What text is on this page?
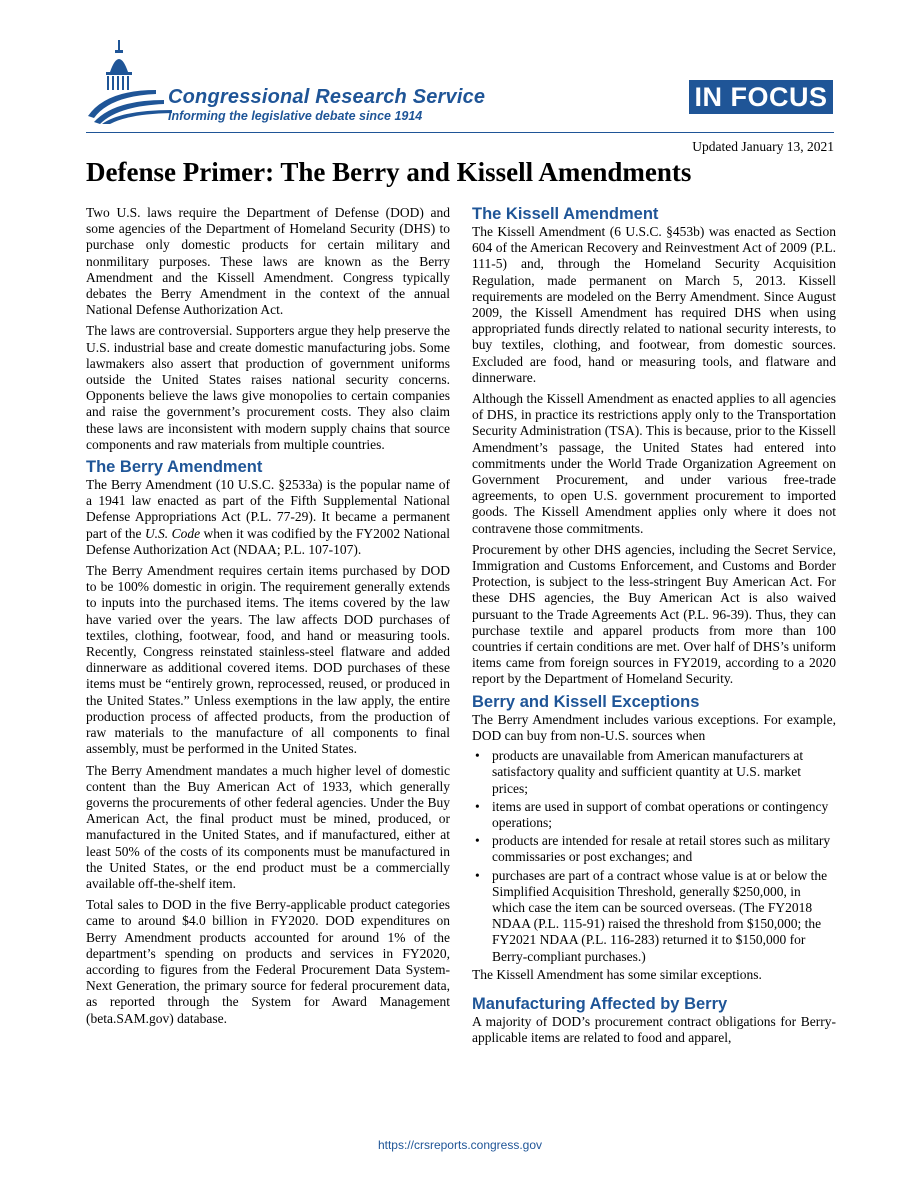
Congressional Research Service
Informing the legislative debate since 1914
IN FOCUS
Updated January 13, 2021
Defense Primer: The Berry and Kissell Amendments

Two U.S. laws require the Department of Defense (DOD) and some agencies of the Department of Homeland Security (DHS) to purchase only domestic products for certain military and nonmilitary purposes. These laws are known as the Berry Amendment and the Kissell Amendment. Congress typically debates the Berry Amendment in the context of the annual National Defense Authorization Act.

The laws are controversial. Supporters argue they help preserve the U.S. industrial base and create domestic manufacturing jobs. Some lawmakers also assert that production of government uniforms outside the United States raises national security concerns. Opponents believe the laws give monopolies to certain companies and raise the government’s procurement costs. They also claim these laws are inconsistent with modern supply chains that source components and raw materials from multiple countries.

The Berry Amendment

The Berry Amendment (10 U.S.C. §2533a) is the popular name of a 1941 law enacted as part of the Fifth Supplemental National Defense Appropriations Act (P.L. 77-29). It became a permanent part of the U.S. Code when it was codified by the FY2002 National Defense Authorization Act (NDAA; P.L. 107-107).

The Berry Amendment requires certain items purchased by DOD to be 100% domestic in origin. The requirement generally extends to inputs into the purchased items. The items covered by the law have varied over the years. The law affects DOD purchases of textiles, clothing, footwear, food, and hand or measuring tools. Recently, Congress reinstated stainless-steel flatware and added dinnerware as additional covered items. DOD purchases of these items must be “entirely grown, reprocessed, reused, or produced in the United States.” Unless exemptions in the law apply, the entire production process of affected products, from the production of raw materials to the manufacture of all components to final assembly, must be performed in the United States.

The Berry Amendment mandates a much higher level of domestic content than the Buy American Act of 1933, which generally governs the procurements of other federal agencies. Under the Buy American Act, the final product must be mined, produced, or manufactured in the United States, and if manufactured, either at least 50% of the costs of its components must be manufactured in the United States, or the end product must be a commercially available off-the-shelf item.

Total sales to DOD in the five Berry-applicable product categories came to around $4.0 billion in FY2020. DOD expenditures on Berry Amendment products accounted for around 1% of the department’s spending on products and services in FY2020, according to figures from the Federal Procurement Data System-Next Generation, the primary source for federal procurement data, as reported through the System for Award Management (beta.SAM.gov) database.

The Kissell Amendment

The Kissell Amendment (6 U.S.C. §453b) was enacted as Section 604 of the American Recovery and Reinvestment Act of 2009 (P.L. 111-5) and, through the Homeland Security Acquisition Regulation, made permanent on March 5, 2013. Kissell requirements are modeled on the Berry Amendment. Since August 2009, the Kissell Amendment has required DHS when using appropriated funds directly related to national security interests, to buy textiles, clothing, and footwear, from domestic sources. Excluded are food, hand or measuring tools, and flatware and dinnerware.

Although the Kissell Amendment as enacted applies to all agencies of DHS, in practice its restrictions apply only to the Transportation Security Administration (TSA). This is because, prior to the Kissell Amendment’s passage, the United States had entered into commitments under the World Trade Organization Agreement on Government Procurement, and under various free-trade agreements, to open U.S. government procurement to imported goods. The Kissell Amendment applies only where it does not contravene those commitments.

Procurement by other DHS agencies, including the Secret Service, Immigration and Customs Enforcement, and Customs and Border Protection, is subject to the less-stringent Buy American Act. For these DHS agencies, the Buy American Act is also waived pursuant to the Trade Agreements Act (P.L. 96-39). Thus, they can purchase textile and apparel products from more than 100 countries if certain conditions are met. Over half of DHS’s uniform items came from foreign sources in FY2019, according to a 2020 report by the Department of Homeland Security.

Berry and Kissell Exceptions

The Berry Amendment includes various exceptions. For example, DOD can buy from non-U.S. sources when

• products are unavailable from American manufacturers at satisfactory quality and sufficient quantity at U.S. market prices;
• items are used in support of combat operations or contingency operations;
• products are intended for resale at retail stores such as military commissaries or post exchanges; and
• purchases are part of a contract whose value is at or below the Simplified Acquisition Threshold, generally $250,000, in which case the item can be sourced overseas. (The FY2018 NDAA (P.L. 115-91) raised the threshold from $150,000; the FY2021 NDAA (P.L. 116-283) returned it to $150,000 for Berry-compliant purchases.)

The Kissell Amendment has some similar exceptions.

Manufacturing Affected by Berry

A majority of DOD’s procurement contract obligations for Berry-applicable items are related to food and apparel,

https://crsreports.congress.gov
